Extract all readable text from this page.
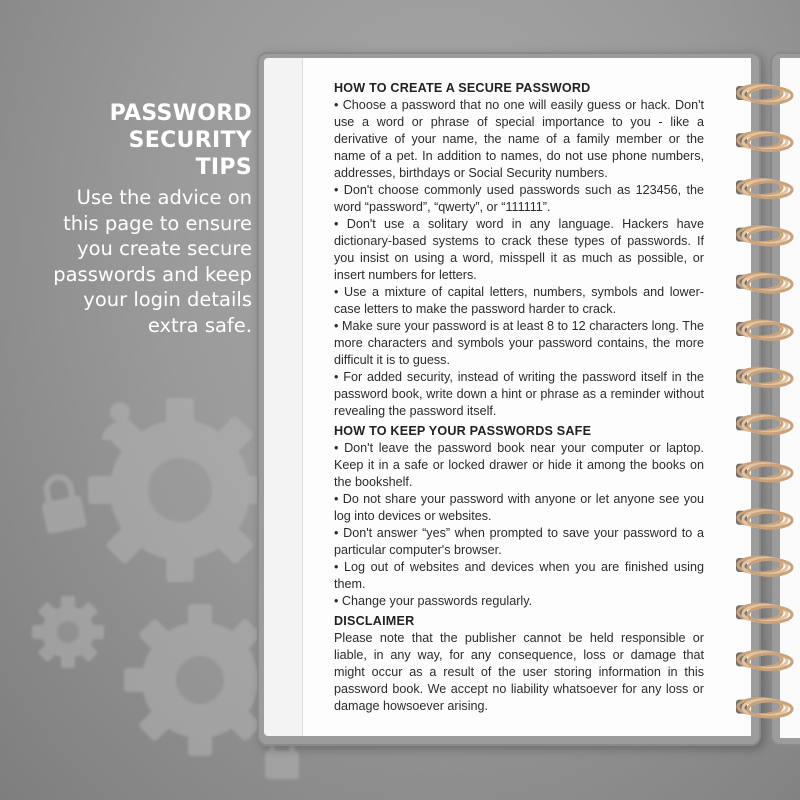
PASSWORD
SECURITY
TIPS
Use the advice on
this page to ensure
you create secure
passwords and keep
your login details
extra safe.
HOW TO CREATE A SECURE PASSWORD

• Choose a password that no one will easily guess or hack. Don't use a word or phrase of special importance to you - like a derivative of your name, the name of a family member or the name of a pet. In addition to names, do not use phone numbers, addresses, birthdays or Social Security numbers.

• Don't choose commonly used passwords such as 123456, the word “password”, “qwerty”, or “111111”.

• Don't use a solitary word in any language. Hackers have dictionary-based systems to crack these types of passwords. If you insist on using a word, misspell it as much as possible, or insert numbers for letters.

• Use a mixture of capital letters, numbers, symbols and lower-case letters to make the password harder to crack.

• Make sure your password is at least 8 to 12 characters long. The more characters and symbols your password contains, the more difficult it is to guess.

• For added security, instead of writing the password itself in the password book, write down a hint or phrase as a reminder without revealing the password itself.

HOW TO KEEP YOUR PASSWORDS SAFE

• Don't leave the password book near your computer or laptop. Keep it in a safe or locked drawer or hide it among the books on the bookshelf.

• Do not share your password with anyone or let anyone see you log into devices or websites.

• Don't answer “yes” when prompted to save your password to a particular computer's browser.

• Log out of websites and devices when you are finished using them.

• Change your passwords regularly.

DISCLAIMER

Please note that the publisher cannot be held responsible or liable, in any way, for any consequence, loss or damage that might occur as a result of the user storing information in this password book. We accept no liability whatsoever for any loss or damage howsoever arising.
